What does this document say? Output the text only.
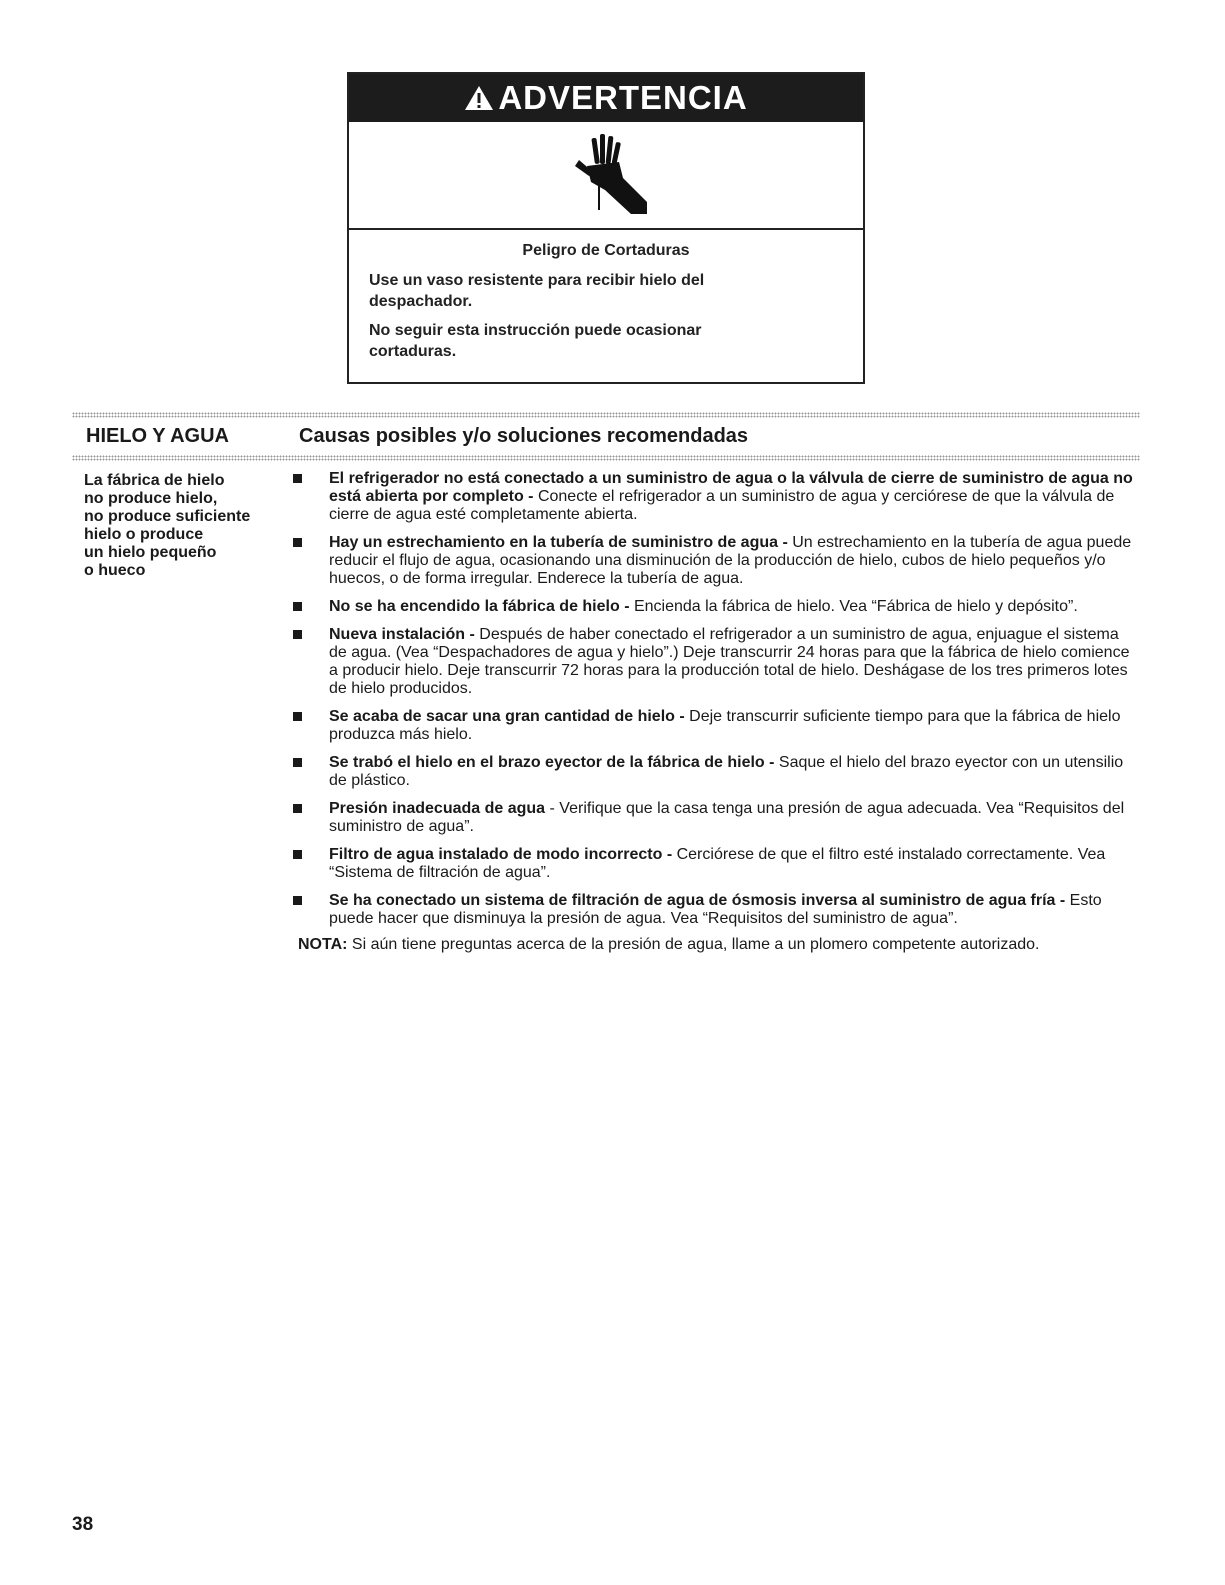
ADVERTENCIA
Peligro de Cortaduras

Use un vaso resistente para recibir hielo del despachador.

No seguir esta instrucción puede ocasionar cortaduras.

HIELO Y AGUA	Causas posibles y/o soluciones recomendadas
La fábrica de hielo
no produce hielo,
no produce suficiente
hielo o produce
un hielo pequeño
o hueco
El refrigerador no está conectado a un suministro de agua o la válvula de cierre de suministro de agua no está abierta por completo - Conecte el refrigerador a un suministro de agua y cerciórese de que la válvula de cierre de agua esté completamente abierta.
Hay un estrechamiento en la tubería de suministro de agua - Un estrechamiento en la tubería de agua puede reducir el flujo de agua, ocasionando una disminución de la producción de hielo, cubos de hielo pequeños y/o huecos, o de forma irregular. Enderece la tubería de agua.
No se ha encendido la fábrica de hielo - Encienda la fábrica de hielo. Vea “Fábrica de hielo y depósito”.
Nueva instalación - Después de haber conectado el refrigerador a un suministro de agua, enjuague el sistema de agua. (Vea “Despachadores de agua y hielo”.) Deje transcurrir 24 horas para que la fábrica de hielo comience a producir hielo. Deje transcurrir 72 horas para la producción total de hielo. Deshágase de los tres primeros lotes de hielo producidos.
Se acaba de sacar una gran cantidad de hielo - Deje transcurrir suficiente tiempo para que la fábrica de hielo produzca más hielo.
Se trabó el hielo en el brazo eyector de la fábrica de hielo - Saque el hielo del brazo eyector con un utensilio de plástico.
Presión inadecuada de agua - Verifique que la casa tenga una presión de agua adecuada. Vea “Requisitos del suministro de agua”.
Filtro de agua instalado de modo incorrecto - Cerciórese de que el filtro esté instalado correctamente. Vea “Sistema de filtración de agua”.
Se ha conectado un sistema de filtración de agua de ósmosis inversa al suministro de agua fría - Esto puede hacer que disminuya la presión de agua. Vea “Requisitos del suministro de agua”.
NOTA: Si aún tiene preguntas acerca de la presión de agua, llame a un plomero competente autorizado.
38
